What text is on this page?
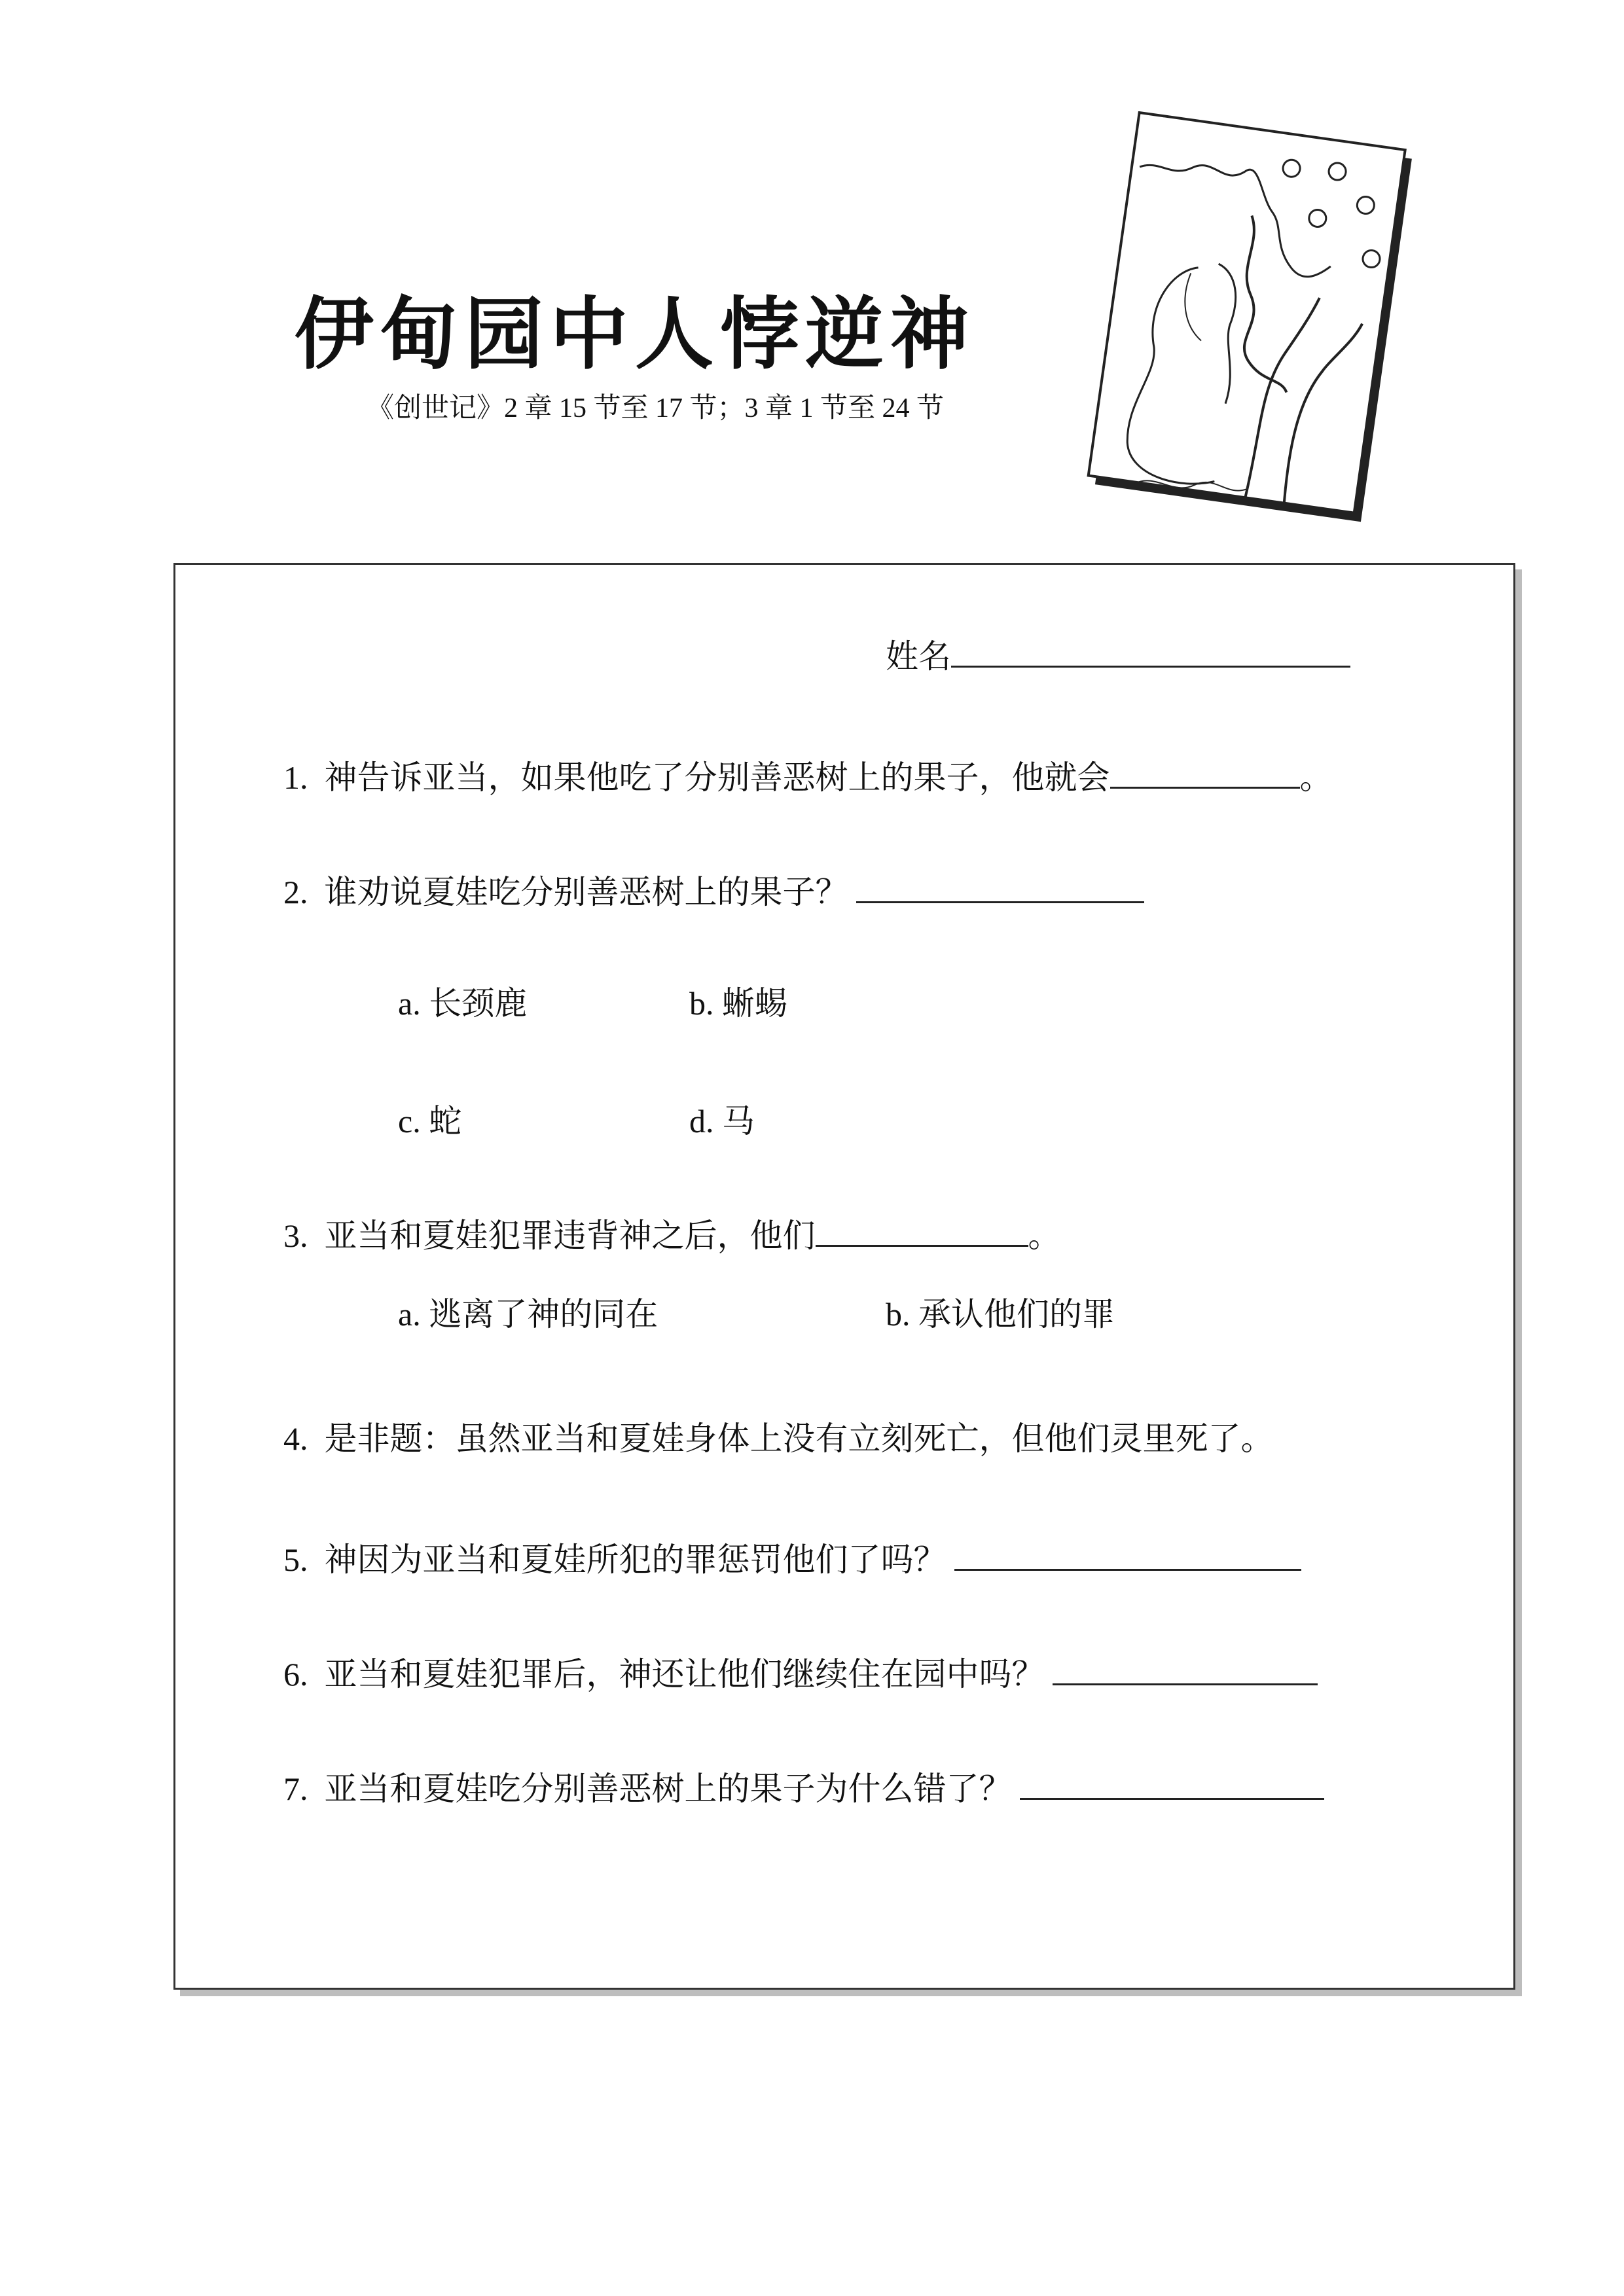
伊甸园中人悖逆神
《创世记》2 章 15 节至 17 节；3 章 1 节至 24 节
姓名
1. 神告诉亚当，如果他吃了分别善恶树上的果子，他就会	。
2. 谁劝说夏娃吃分别善恶树上的果子？
a. 长颈鹿	b. 蜥蜴
c. 蛇	d. 马
3. 亚当和夏娃犯罪违背神之后，他们	。
a. 逃离了神的同在	b. 承认他们的罪
4. 是非题：虽然亚当和夏娃身体上没有立刻死亡，但他们灵里死了。
5. 神因为亚当和夏娃所犯的罪惩罚他们了吗？
6. 亚当和夏娃犯罪后，神还让他们继续住在园中吗？
7. 亚当和夏娃吃分别善恶树上的果子为什么错了？
